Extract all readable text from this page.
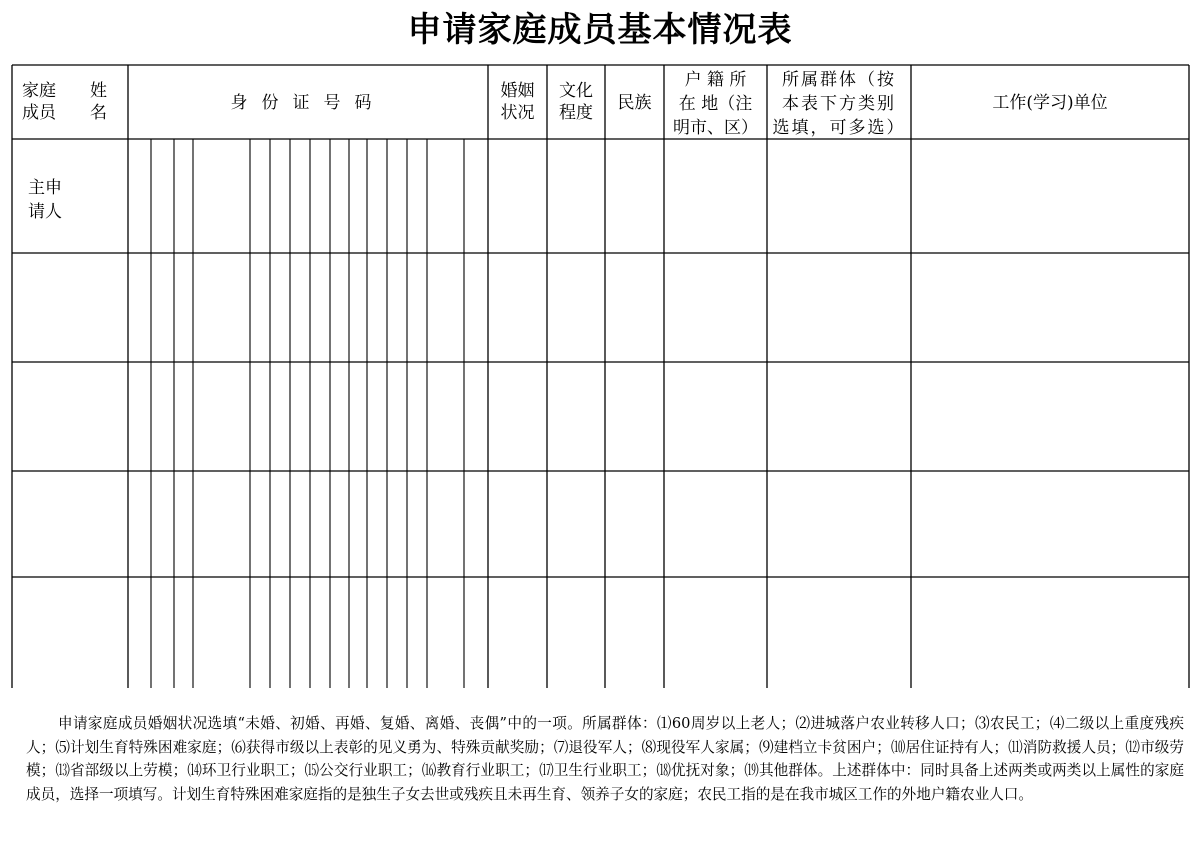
申请家庭成员基本情况表
家庭　　姓
成员　　名	身份证号码
婚姻
状况
文化
程度	民族
户 籍 所
在 地（注
明市、区）
所属群体（按
本表下方类别
选填，可多选）
工作(学习)单位
主申
请人
申请家庭成员婚姻状况选填“未婚、初婚、再婚、复婚、离婚、丧偶”中的一项。所属群体：⑴60周岁以上老人；⑵进城落户农业转移人口；⑶农民工；⑷二级以上重度残疾人；⑸计划生育特殊困难家庭；⑹获得市级以上表彰的见义勇为、特殊贡献奖励；⑺退役军人；⑻现役军人家属；⑼建档立卡贫困户；⑽居住证持有人；⑾消防救援人员；⑿市级劳模；⒀省部级以上劳模；⒁环卫行业职工；⒂公交行业职工；⒃教育行业职工；⒄卫生行业职工；⒅优抚对象；⒆其他群体。上述群体中：同时具备上述两类或两类以上属性的家庭成员，选择一项填写。计划生育特殊困难家庭指的是独生子女去世或残疾且未再生育、领养子女的家庭；农民工指的是在我市城区工作的外地户籍农业人口。
